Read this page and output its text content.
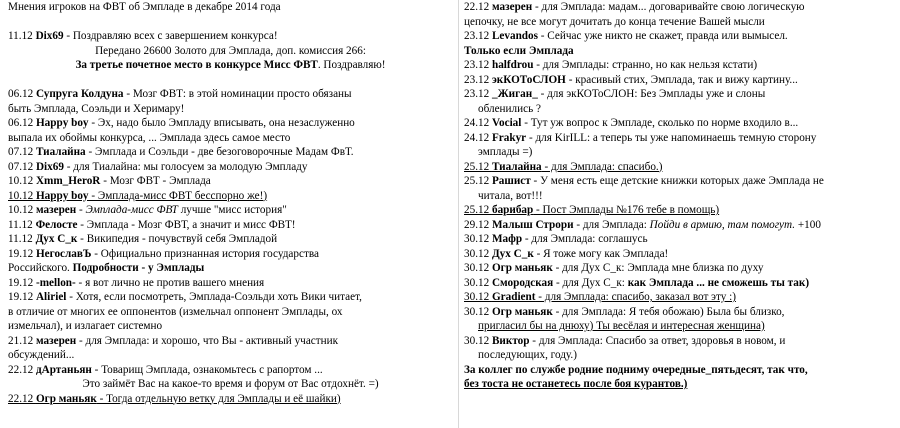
Мнения игроков на ФВТ об Эмпладе в декабре 2014 года
11.12 Dix69 - Поздравляю всех с завершением конкурса!
Передано 26600 Золото для Эмплада, доп. комиссия 266:
За третье почетное место в конкурсе Мисс ФВТ. Поздравляю!
06.12 Супруга Колдуна - Мозг ФВТ: в этой номинации просто обязаны
быть Эмплада, Соэльди и Херимару!
06.12 Happy boy - Эх, надо было Эмпладу вписывать, она незаслуженно
выпала их обоймы конкурса, ... Эмплада здесь самое место
07.12 Тиалайна - Эмплада и Соэльди - две безоговорочные Мадам ФвТ.
07.12 Dix69 - для Тиалайна: мы голосуем за молодую Эмпладу
10.12 Xmm_HeroR - Мозг ФВТ - Эмплада
10.12 Happy boy - Эмплада-мисс ФВТ бесспорно же!)
10.12 мазерен - Эмплада-мисс ФВТ лучше "мисс история"
11.12 Фелосте - Эмплада - Мозг ФВТ, а значит и мисс ФВТ!
11.12 Дух С_к - Википедия - почувствуй себя Эмпладой
19.12 НегославЪ - Официально признанная история государства
Российского. Подробности - у Эмплады
19.12 -mellon- - я вот лично не против вашего мнения
19.12 Aliriel - Хотя, если посмотреть, Эмплада-Соэльди хоть Вики читает,
в отличие от многих ее оппонентов (измельчал оппонент Эмплады, ох
измельчал), и излагает системно
21.12 мазерен - для Эмплада: и хорошо, что Вы - активный участник
обсуждений...
22.12 дАртаньян - Товарищ Эмплада, ознакомьтесь с рапортом ...
Это займёт Вас на какое-то время и форум от Вас отдохнёт. =)
22.12 Огр маньяк - Тогда отдельную ветку для Эмплады и её шайки)
22.12 мазерен - для Эмплада: мадам... договаривайте свою логическую
цепочку, не все могут дочитать до конца течение Вашей мысли
23.12 Levandos - Сейчас уже никто не скажет, правда или вымысел.
Только если Эмплада
23.12 halfdrou - для Эмплады: странно, но как нельзя кстати)
23.12 экКОТоСЛОН - красивый стих, Эмплада, так и вижу картину...
23.12 _Жиган_ - для экКОТоСЛОН: Без Эмплады уже и слоны
обленились ?
24.12 Vocial - Тут уж вопрос к Эмпладе, сколько по норме входило в...
24.12 Frakyr - для KirILL: а теперь ты уже напоминаешь темную сторону
эмплады =)
25.12 Тиалайна - для Эмплада: спасибо.)
25.12 Рашист - У меня есть еще детские книжки которых даже Эмплада не
читала, вот!!!
25.12 барибар - Пост Эмплады №176 тебе в помощь)
29.12 Малыш Строри - для Эмплада: Пойди в армию, там помогут. +100
30.12 Мафр - для Эмплада: соглашусь
30.12 Дух С_к - Я тоже могу как Эмплада!
30.12 Огр маньяк - для Дух С_к: Эмплада мне близка по духу
30.12 Смородская - для Дух С_к: как Эмплада ... не сможешь ты так)
30.12 Gradient - для Эмплада: спасибо, заказал вот эту :)
30.12 Огр маньяк - для Эмплада: Я тебя обожаю) Была бы близко,
пригласил бы на днюху) Ты весёлая и интересная женщина)
30.12 Виктор - для Эмплада: Спасибо за ответ, здоровья в новом, и
последующих, году.)
За коллег по службе родние подниму очередные_пятьдесят, так что,
без тоста не останетесь после боя курантов.)
